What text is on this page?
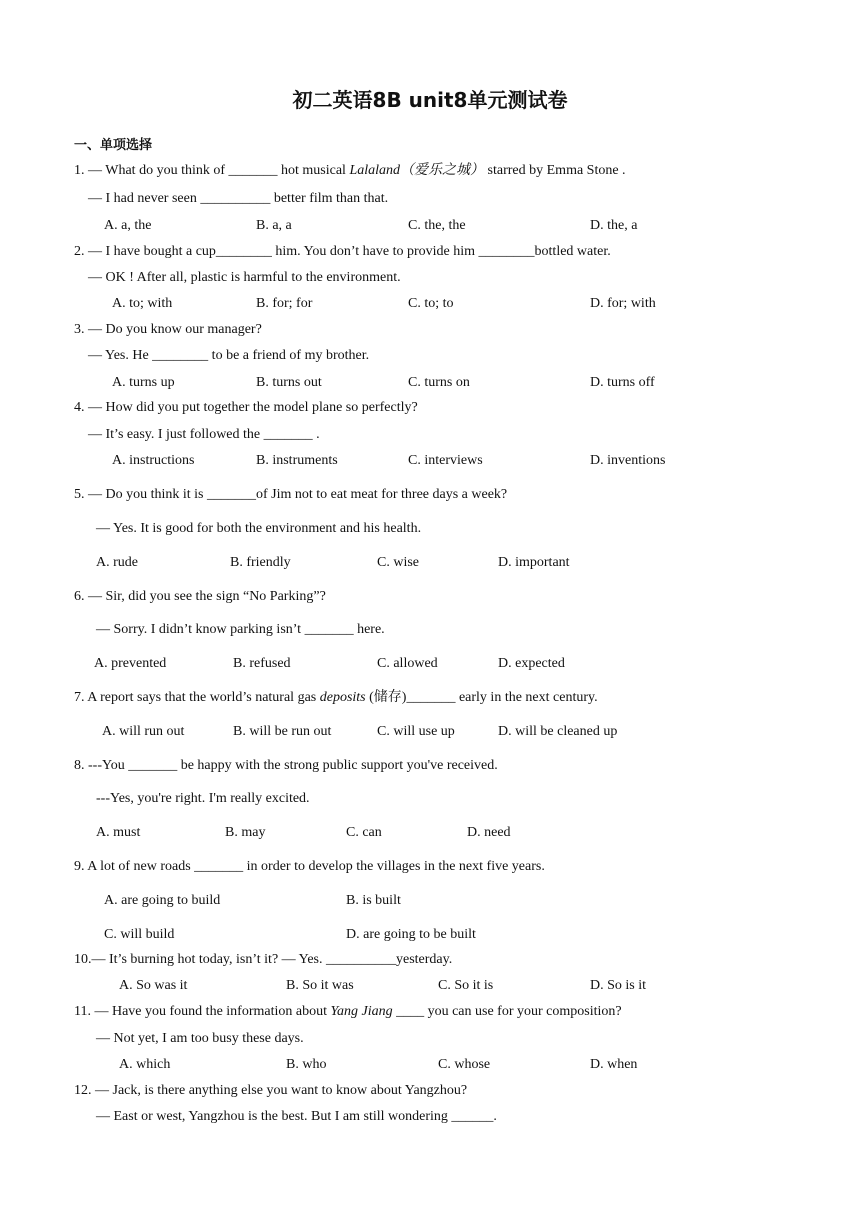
初二英语8B unit8单元测试卷
一、单项选择
1. — What do you think of _______ hot musical Lalaland（爱乐之城） starred by Emma Stone .
— I had never seen __________ better film than that.
A. a, the	B. a, a	C. the, the	D. the, a
2. — I have bought a cup________ him. You don’t have to provide him ________bottled water.
— OK ! After all, plastic is harmful to the environment.
A. to; with	B. for; for	C. to; to	D. for; with
3. — Do you know our manager?
— Yes. He ________ to be a friend of my brother.
A. turns up	B. turns out	C. turns on	D. turns off
4. — How did you put together the model plane so perfectly?
— It’s easy. I just followed the _______ .
A. instructions	B. instruments	C. interviews	D. inventions
5. — Do you think it is _______of Jim not to eat meat for three days a week?
— Yes. It is good for both the environment and his health.
A. rude	B. friendly	C. wise	D. important
6. — Sir, did you see the sign “No Parking”?
— Sorry. I didn’t know parking isn’t _______ here.
A. prevented	B. refused	C. allowed	D. expected
7. A report says that the world’s natural gas deposits (储存)_______ early in the next century.
A. will run out	B. will be run out	C. will use up	D. will be cleaned up
8. ---You _______ be happy with the strong public support you've received.
---Yes, you're right. I'm really excited.
A. must	B. may	C. can	D. need
9. A lot of new roads _______ in order to develop the villages in the next five years.
A. are going to build	B. is built
C. will build	D. are going to be built
10.— It’s burning hot today, isn’t it? — Yes. __________yesterday.
A. So was it	B. So it was	C. So it is	D. So is it
11. — Have you found the information about Yang Jiang ____ you can use for your composition?
— Not yet, I am too busy these days.
A. which	B. who	C. whose	D. when
12. — Jack, is there anything else you want to know about Yangzhou?
— East or west, Yangzhou is the best. But I am still wondering ______.
